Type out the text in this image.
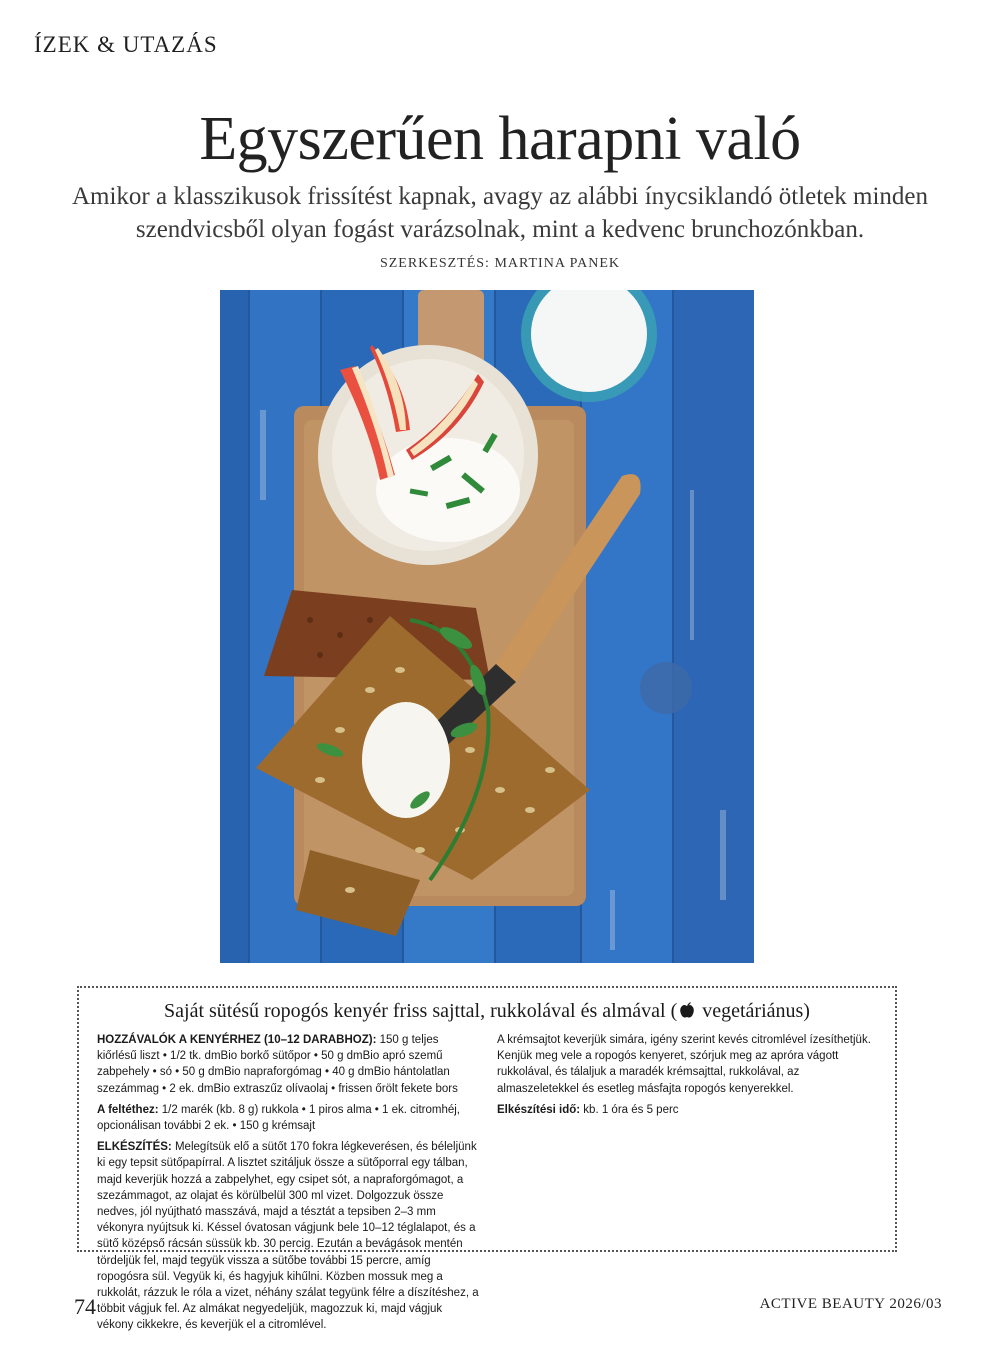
ÍZEK & UTAZÁS
Egyszerűen harapni való

Amikor a klasszikusok frissítést kapnak, avagy az alábbi ínycsiklandó ötletek minden szendvicsből olyan fogást varázsolnak, mint a kedvenc brunchozónkban.

SZERKESZTÉS: MARTINA PANEK
Saját sütésű ropogós kenyér friss sajttal, rukkolával és almával ( vegetáriánus)

HOZZÁVALÓK A KENYÉRHEZ (10–12 DARABHOZ): 150 g teljes kiőrlésű liszt • 1/2 tk. dmBio borkő sütőpor • 50 g dmBio apró szemű zabpehely • só • 50 g dmBio napraforgómag • 40 g dmBio hántolatlan szezámmag • 2 ek. dmBio extraszűz olívaolaj • frissen őrölt fekete bors

A feltéthez: 1/2 marék (kb. 8 g) rukkola • 1 piros alma • 1 ek. citromhéj, opcionálisan további 2 ek. • 150 g krémsajt

ELKÉSZÍTÉS: Melegítsük elő a sütőt 170 fokra légkeverésen, és béleljünk ki egy tepsit sütőpapírral. A lisztet szitáljuk össze a sütőporral egy tálban, majd keverjük hozzá a zabpelyhet, egy csipet sót, a napraforgómagot, a szezámmagot, az olajat és körülbelül 300 ml vizet. Dolgozzuk össze nedves, jól nyújtható masszává, majd a tésztát a tepsiben 2–3 mm vékonyra nyújtsuk ki. Késsel óvatosan vágjunk bele 10–12 téglalapot, és a sütő középső rácsán süssük kb. 30 percig. Ezután a bevágások mentén tördeljük fel, majd tegyük vissza a sütőbe további 15 percre, amíg ropogósra sül. Vegyük ki, és hagyjuk kihűlni. Közben mossuk meg a rukkolát, rázzuk le róla a vizet, néhány szálat tegyünk félre a díszítéshez, a többit vágjuk fel. Az almákat negyedeljük, magozzuk ki, majd vágjuk vékony cikkekre, és keverjük el a citromlével.

A krémsajtot keverjük simára, igény szerint kevés citromlével ízesíthetjük. Kenjük meg vele a ropogós kenyeret, szórjuk meg az apróra vágott rukkolával, és tálaljuk a maradék krémsajttal, rukkolával, az almaszeletekkel és esetleg másfajta ropogós kenyerekkel.

Elkészítési idő: kb. 1 óra és 5 perc

74	ACTIVE BEAUTY 2026/03
